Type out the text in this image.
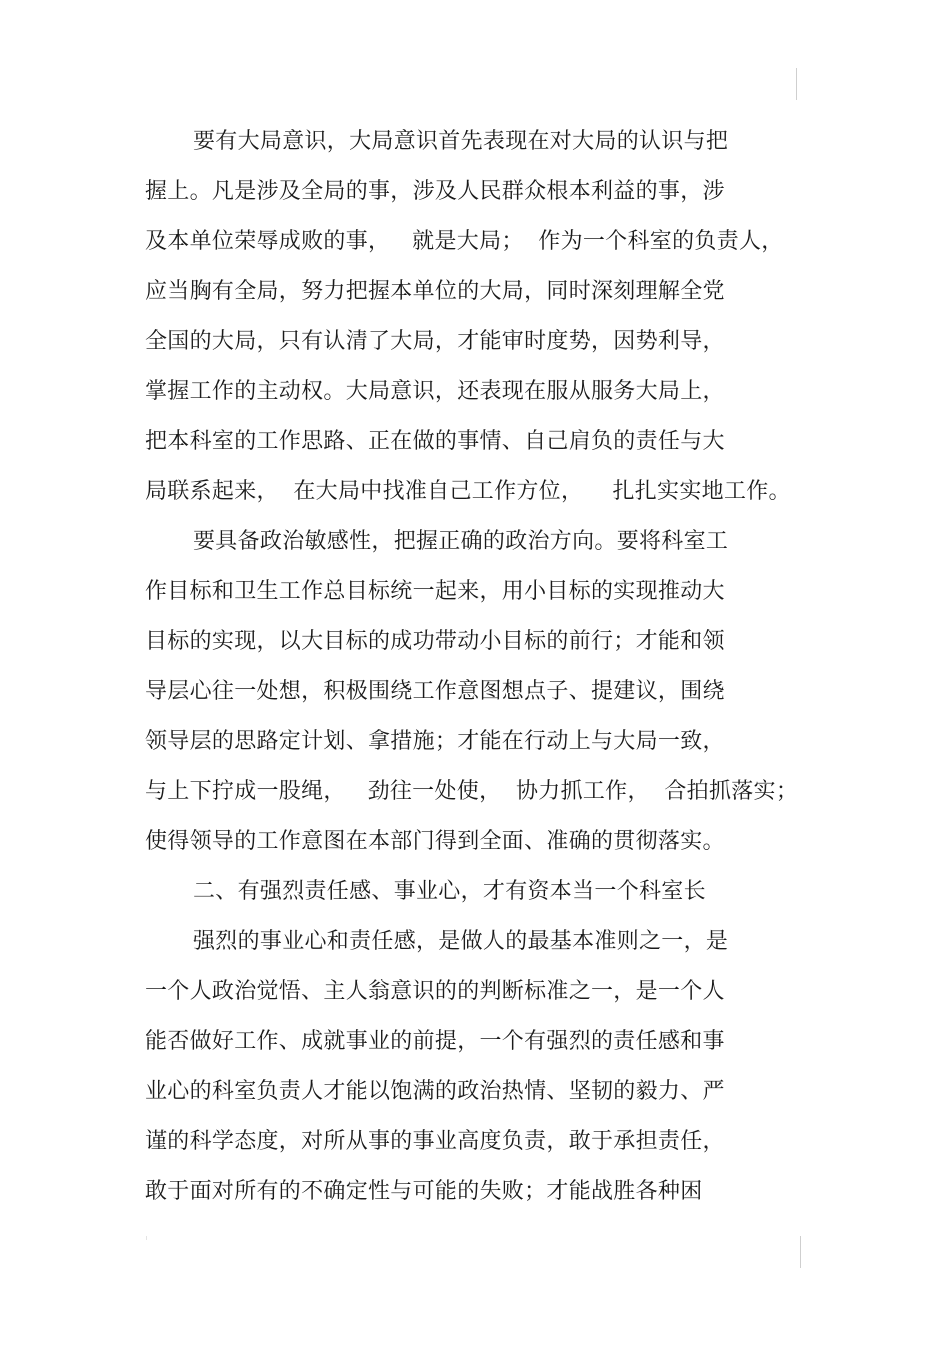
要有大局意识，大局意识首先表现在对大局的认识与把
握上。凡是涉及全局的事，涉及人民群众根本利益的事，涉
及本单位荣辱成败的事，   就是大局；  作为一个科室的负责人，
应当胸有全局，努力把握本单位的大局，同时深刻理解全党
全国的大局，只有认清了大局，才能审时度势，因势利导，
掌握工作的主动权。大局意识，还表现在服从服务大局上，
把本科室的工作思路、正在做的事情、自己肩负的责任与大
局联系起来，  在大局中找准自己工作方位，    扎扎实实地工作。
要具备政治敏感性，把握正确的政治方向。要将科室工
作目标和卫生工作总目标统一起来，用小目标的实现推动大
目标的实现，以大目标的成功带动小目标的前行；才能和领
导层心往一处想，积极围绕工作意图想点子、提建议，围绕
领导层的思路定计划、拿措施；才能在行动上与大局一致，
与上下拧成一股绳，   劲往一处使，  协力抓工作，  合拍抓落实；
使得领导的工作意图在本部门得到全面、准确的贯彻落实。
二、有强烈责任感、事业心，才有资本当一个科室长
强烈的事业心和责任感，是做人的最基本准则之一，是
一个人政治觉悟、主人翁意识的的判断标准之一，是一个人
能否做好工作、成就事业的前提，一个有强烈的责任感和事
业心的科室负责人才能以饱满的政治热情、坚韧的毅力、严
谨的科学态度，对所从事的事业高度负责，敢于承担责任，
敢于面对所有的不确定性与可能的失败；才能战胜各种困
